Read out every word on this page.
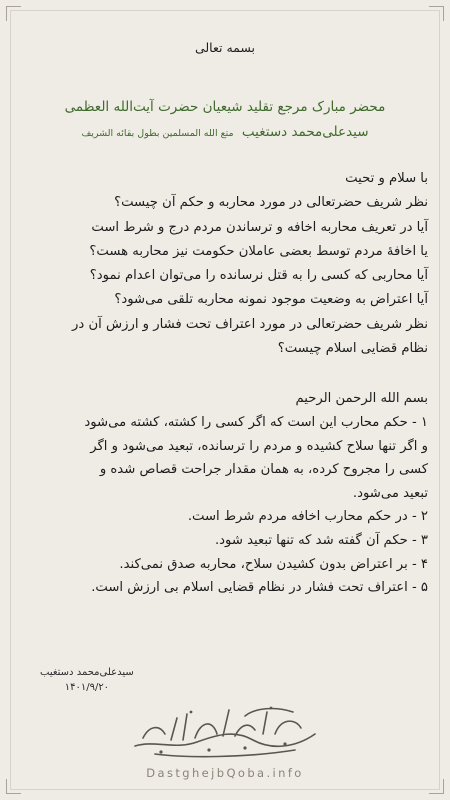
بسمه تعالی

محضر مبارک مرجع تقلید شیعیان حضرت آیت‌الله العظمی

سیدعلی‌محمد دستغیب متع الله المسلمین بطول بقائه الشریف

با سلام و تحیت

نظر شریف حضرتعالی در مورد محاربه و حکم آن چیست؟

آیا در تعریف محاربه اخافه و ترساندن مردم درج و شرط است

یا اخافهٔ مردم توسط بعضی عاملان حکومت نیز محاربه هست؟

آیا محاربی که کسی را به قتل نرسانده را می‌توان اعدام نمود؟

آیا اعتراض به وضعیت موجود نمونه محاربه تلقی می‌شود؟

نظر شریف حضرتعالی در مورد اعتراف تحت فشار و ارزش آن در

نظام قضایی اسلام چیست؟

بسم الله الرحمن الرحیم

۱ - حکم محارب این است که اگر کسی را کشته، کشته می‌شود

و اگر تنها سلاح کشیده و مردم را ترسانده، تبعید می‌شود و اگر

کسی را مجروح کرده، به همان مقدار جراحت قصاص شده و

تبعید می‌شود.

۲ - در حکم محارب اخافه مردم شرط است.

۳ - حکم آن گفته شد که تنها تبعید شود.

۴ - بر اعتراض بدون کشیدن سلاح، محاربه صدق نمی‌کند.

۵ - اعتراف تحت فشار در نظام قضایی اسلام بی ارزش است.

سیدعلی‌محمد دستغیب
۱۴۰۱/۹/۲۰
DastghejbQoba.info
